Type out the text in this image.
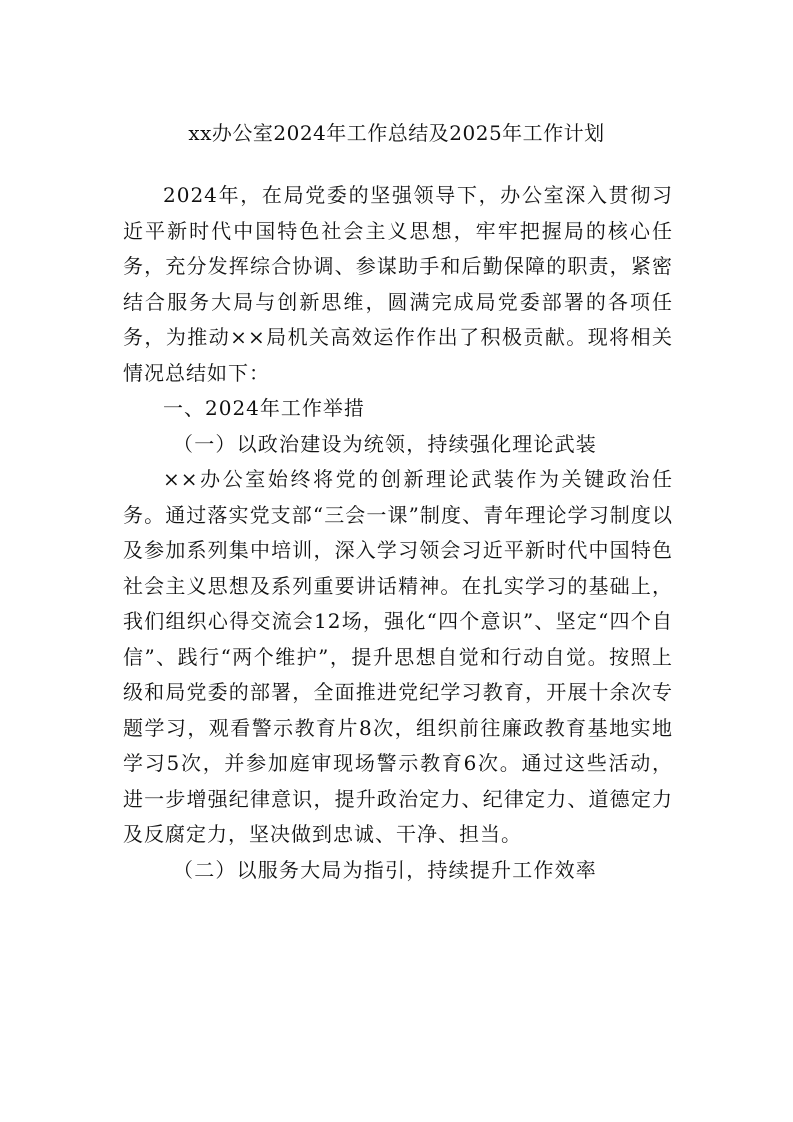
xx办公室2024年工作总结及2025年工作计划

2024年，在局党委的坚强领导下，办公室深入贯彻习近平新时代中国特色社会主义思想，牢牢把握局的核心任务，充分发挥综合协调、参谋助手和后勤保障的职责，紧密结合服务大局与创新思维，圆满完成局党委部署的各项任务，为推动××局机关高效运作作出了积极贡献。现将相关情况总结如下：

一、2024年工作举措

（一）以政治建设为统领，持续强化理论武装

××办公室始终将党的创新理论武装作为关键政治任务。通过落实党支部“三会一课”制度、青年理论学习制度以及参加系列集中培训，深入学习领会习近平新时代中国特色社会主义思想及系列重要讲话精神。在扎实学习的基础上，我们组织心得交流会12场，强化“四个意识”、坚定“四个自信”、践行“两个维护”，提升思想自觉和行动自觉。按照上级和局党委的部署，全面推进党纪学习教育，开展十余次专题学习，观看警示教育片8次，组织前往廉政教育基地实地学习5次，并参加庭审现场警示教育6次。通过这些活动，进一步增强纪律意识，提升政治定力、纪律定力、道德定力及反腐定力，坚决做到忠诚、干净、担当。

（二）以服务大局为指引，持续提升工作效率
